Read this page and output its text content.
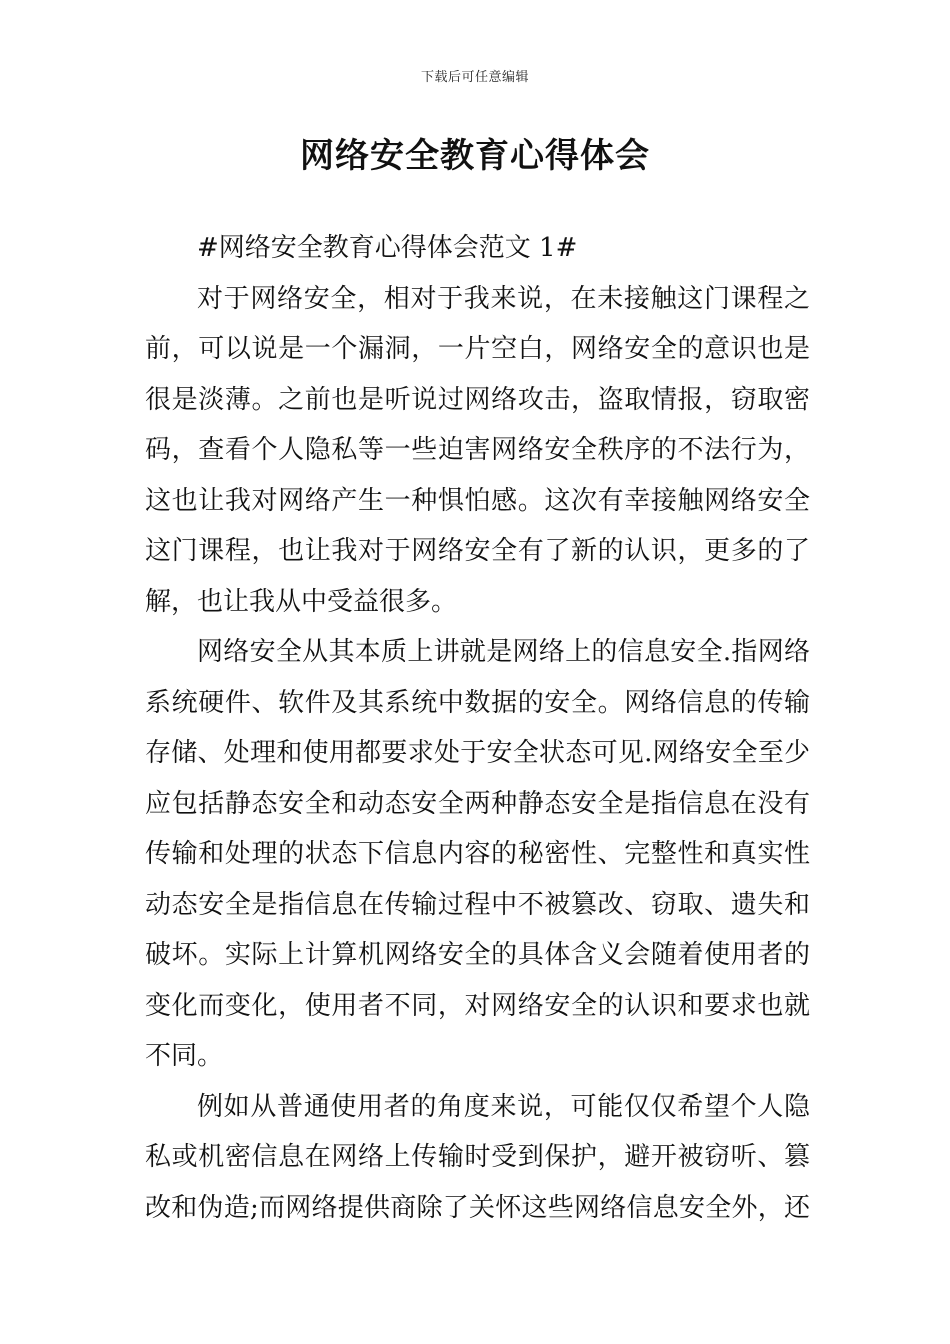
下载后可任意编辑
网络安全教育心得体会
#网络安全教育心得体会范文 1#
对于网络安全，相对于我来说，在未接触这门课程之
前，可以说是一个漏洞，一片空白，网络安全的意识也是
很是淡薄。之前也是听说过网络攻击，盗取情报，窃取密
码，查看个人隐私等一些迫害网络安全秩序的不法行为，
这也让我对网络产生一种惧怕感。这次有幸接触网络安全
这门课程，也让我对于网络安全有了新的认识，更多的了
解，也让我从中受益很多。
网络安全从其本质上讲就是网络上的信息安全.指网络
系统硬件、软件及其系统中数据的安全。网络信息的传输
存储、处理和使用都要求处于安全状态可见.网络安全至少
应包括静态安全和动态安全两种静态安全是指信息在没有
传输和处理的状态下信息内容的秘密性、完整性和真实性
动态安全是指信息在传输过程中不被篡改、窃取、遗失和
破坏。实际上计算机网络安全的具体含义会随着使用者的
变化而变化，使用者不同，对网络安全的认识和要求也就
不同。
例如从普通使用者的角度来说，可能仅仅希望个人隐
私或机密信息在网络上传输时受到保护，避开被窃听、篡
改和伪造;而网络提供商除了关怀这些网络信息安全外，还
